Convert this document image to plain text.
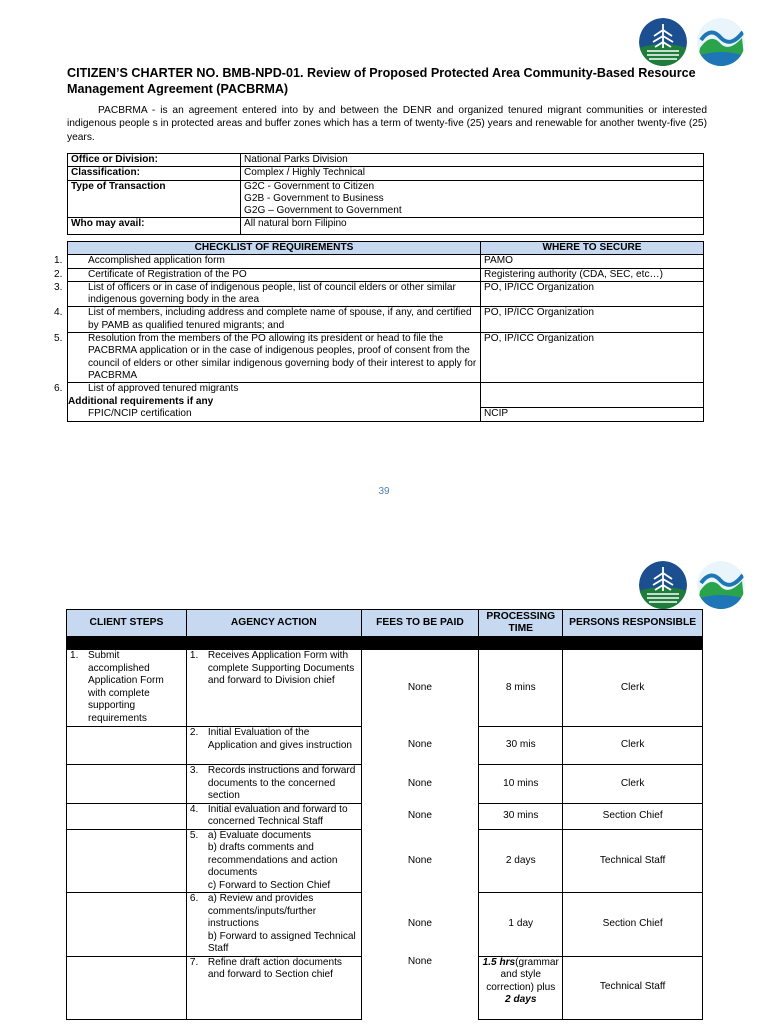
CITIZEN’S CHARTER NO. BMB-NPD-01. Review of Proposed Protected Area Community-Based Resource Management Agreement (PACBRMA)
PACBRMA - is an agreement entered into by and between the DENR and organized tenured migrant communities or interested indigenous people s in protected areas and buffer zones which has a term of twenty-five (25) years and renewable for another twenty-five (25) years.
Office or Division:	National Parks Division
Classification:	Complex / Highly Technical
Type of Transaction	G2C - Government to Citizen
G2B - Government to Business
G2G – Government to Government

Who may avail:	All natural born Filipino
CHECKLIST OF REQUIREMENTS	WHERE TO SECURE
1. Accomplished application form	PAMO
2. Certificate of Registration of the PO	Registering authority (CDA, SEC, etc…)
3. List of officers or in case of indigenous people, list of council elders or other similar indigenous governing body in the area	PO, IP/ICC Organization
4. List of members, including address and complete name of spouse, if any, and certified by PAMB as qualified tenured migrants; and	PO, IP/ICC Organization
5. Resolution from the members of the PO allowing its president or head to file the PACBRMA application or in the case of indigenous peoples, proof of consent from the council of elders or other similar indigenous governing body of their interest to apply for PACBRMA	PO, IP/ICC Organization
6. List of approved tenured migrants
Additional requirements if any	

FPIC/NCIP certification	NCIP
39
CLIENT STEPS	AGENCY ACTION	FEES TO BE PAID	PROCESSING TIME	PERSONS RESPONSIBLE

1. Submit accomplished Application Form with complete supporting requirements	1. Receives Application Form with complete Supporting Documents and forward to Division chief	None	8 mins	Clerk
	2. Initial Evaluation of the Application and gives instruction	None	30 mis	Clerk
	3. Records instructions and forward documents to the concerned section	None	10 mins	Clerk
	4. Initial evaluation and forward to concerned Technical Staff	None	30 mins	Section Chief
	5. a) Evaluate documents
b) drafts comments and recommendations and action documents
c) Forward to Section Chief	None	2 days	Technical Staff
	6. a) Review and provides comments/inputs/further instructions
b) Forward to assigned Technical Staff	None	1 day	Section Chief
	7. Refine draft action documents and forward to Section chief	None	1.5 hrs(grammar and style correction) plus 2 days	Technical Staff
